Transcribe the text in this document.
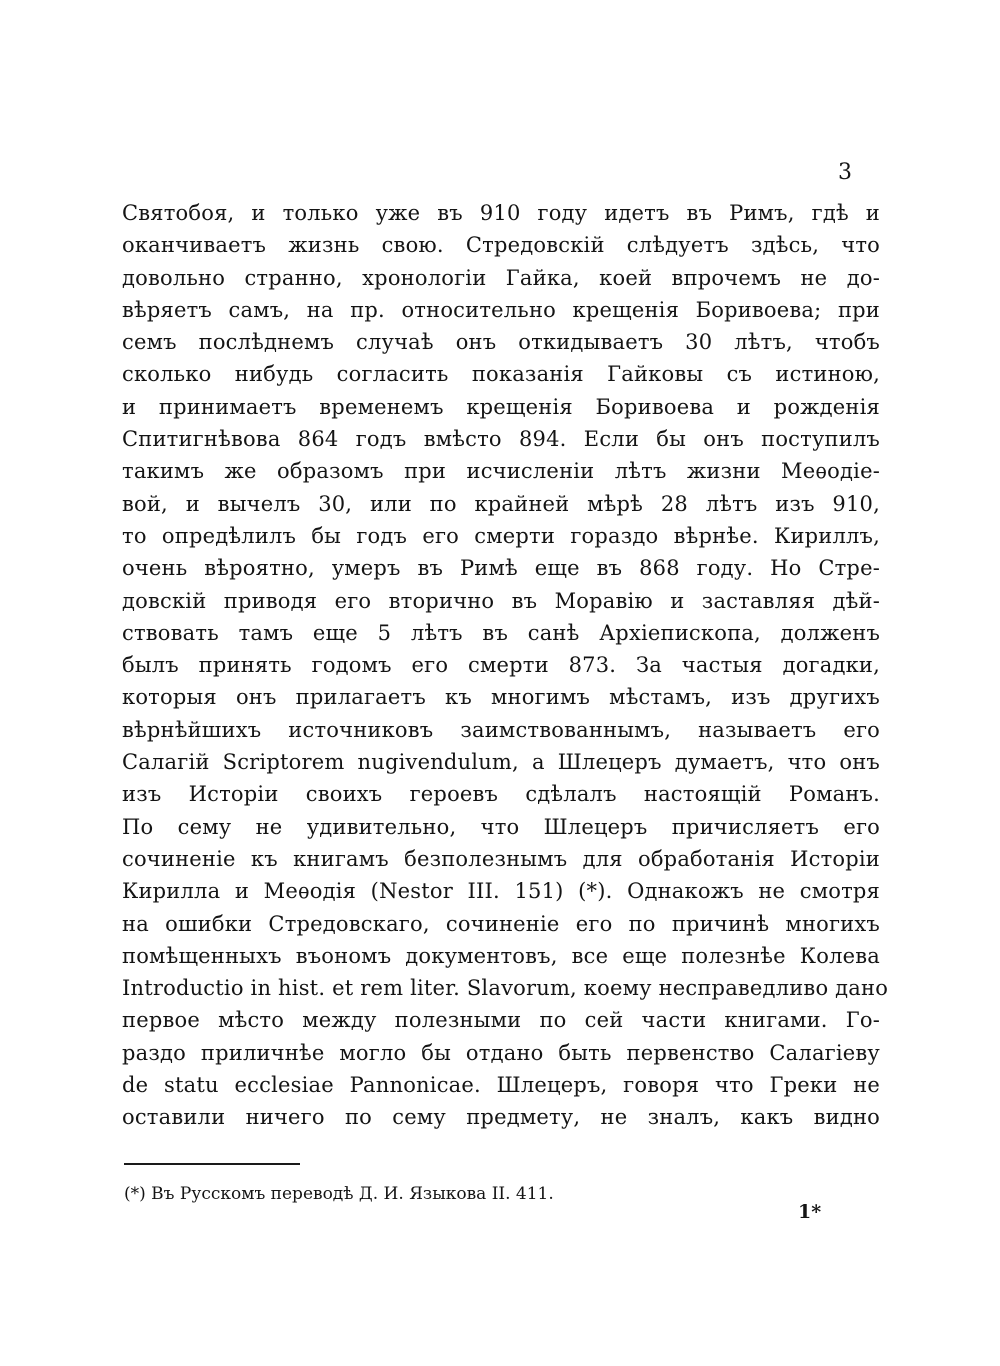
3
Святобоя, и только уже въ 910 году идетъ въ Римъ, гдѣ и
оканчиваетъ жизнь свою. Стредовскій слѣдуетъ здѣсь, что
довольно странно, хронологіи Гайка, коей впрочемъ не до-
вѣряетъ самъ, на пр. относительно крещенія Боривоева; при
семъ послѣднемъ случаѣ онъ откидываетъ 30 лѣтъ, чтобъ
сколько нибудь согласить показанія Гайковы съ истиною,
и принимаетъ временемъ крещенія Боривоева и рожденія
Спитигнѣвова 864 годъ вмѣсто 894. Если бы онъ поступилъ
такимъ же образомъ при исчисленіи лѣтъ жизни Меѳодіе-
вой, и вычелъ 30, или по крайней мѣрѣ 28 лѣтъ изъ 910,
то опредѣлилъ бы годъ его смерти гораздо вѣрнѣе. Кириллъ,
очень вѣроятно, умеръ въ Римѣ еще въ 868 году. Но Стре-
довскій приводя его вторично въ Моравію и заставляя дѣй-
ствовать тамъ еще 5 лѣтъ въ санѣ Архіепископа, долженъ
былъ принять годомъ его смерти 873. За частыя догадки,
которыя онъ прилагаетъ къ многимъ мѣстамъ, изъ другихъ
вѣрнѣйшихъ источниковъ заимствованнымъ, называетъ его
Салагій Scriptorem nugivendulum, а Шлецеръ думаетъ, что онъ
изъ Исторіи своихъ героевъ сдѣлалъ настоящій Романъ.
По сему не удивительно, что Шлецеръ причисляетъ его
сочиненіе къ книгамъ безполезнымъ для обработанія Исторіи
Кирилла и Меѳодія (Nestor III. 151) (*). Однакожъ не смотря
на ошибки Стредовскаго, сочиненіе его по причинѣ многихъ
помѣщенныхъ въономъ документовъ, все еще полезнѣе Колева
Introductio in hist. et rem liter. Slavorum, коему несправедливо дано
первое мѣсто между полезными по сей части книгами. Го-
раздо приличнѣе могло бы отдано быть первенство Салагіеву
de statu ecclesiae Pannonicae. Шлецеръ, говоря что Греки не
оставили ничего по сему предмету, не зналъ, какъ видно
(*) Въ Русскомъ переводѣ Д. И. Языкова II. 411.
1*
